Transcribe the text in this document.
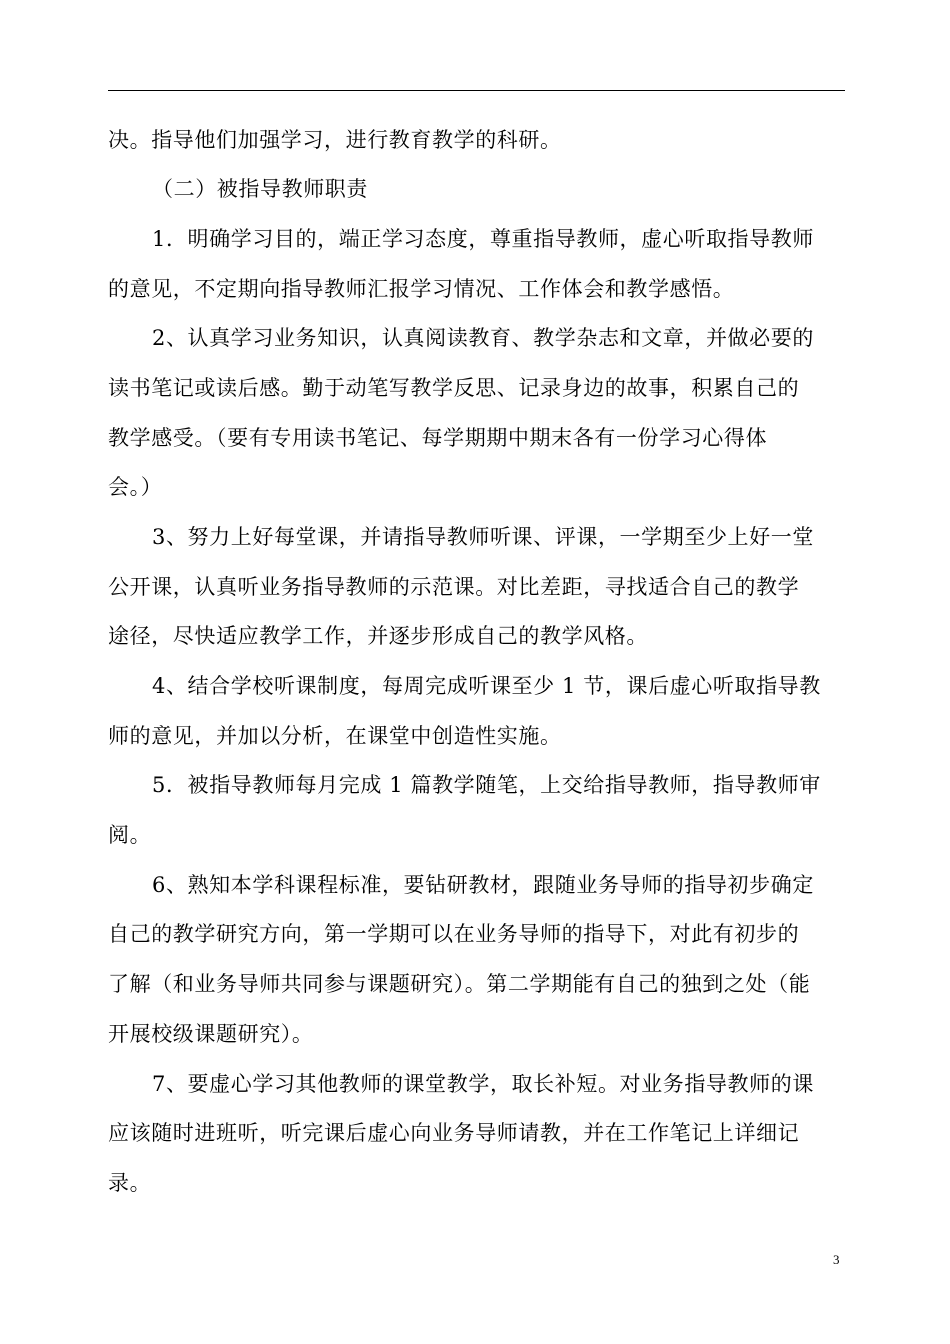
决。指导他们加强学习，进行教育教学的科研。
（二）被指导教师职责
1．明确学习目的，端正学习态度，尊重指导教师，虚心听取指导教师
的意见，不定期向指导教师汇报学习情况、工作体会和教学感悟。
2、认真学习业务知识，认真阅读教育、教学杂志和文章，并做必要的
读书笔记或读后感。勤于动笔写教学反思、记录身边的故事，积累自己的
教学感受。（要有专用读书笔记、每学期期中期末各有一份学习心得体
会。）
3、努力上好每堂课，并请指导教师听课、评课，一学期至少上好一堂
公开课，认真听业务指导教师的示范课。对比差距，寻找适合自己的教学
途径，尽快适应教学工作，并逐步形成自己的教学风格。
4、结合学校听课制度，每周完成听课至少 1 节，课后虚心听取指导教
师的意见，并加以分析，在课堂中创造性实施。
5．被指导教师每月完成 1 篇教学随笔，上交给指导教师，指导教师审
阅。
6、熟知本学科课程标准，要钻研教材，跟随业务导师的指导初步确定
自己的教学研究方向，第一学期可以在业务导师的指导下，对此有初步的
了解（和业务导师共同参与课题研究）。第二学期能有自己的独到之处（能
开展校级课题研究）。
7、要虚心学习其他教师的课堂教学，取长补短。对业务指导教师的课
应该随时进班听，听完课后虚心向业务导师请教，并在工作笔记上详细记
录。
3
